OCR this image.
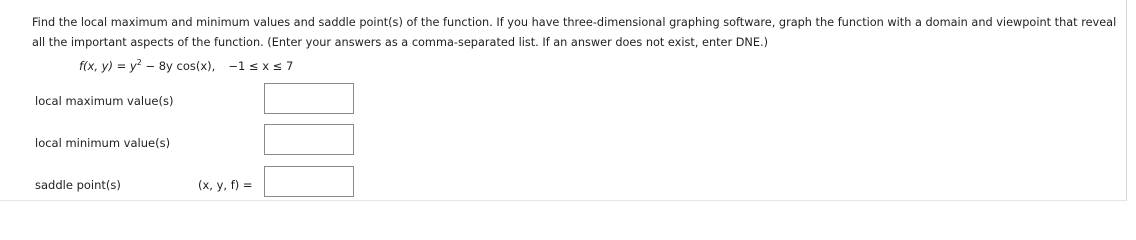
Find the local maximum and minimum values and saddle point(s) of the function. If you have three-dimensional graphing software, graph the function with a domain and viewpoint that reveal all the important aspects of the function. (Enter your answers as a comma-separated list. If an answer does not exist, enter DNE.)
f(x, $y) = y^2 - 8y$ cos(x), −1 ≤ x ≤ 7
local maximum value(s)
local minimum value(s)
saddle point(s)	(x, y, f) =
